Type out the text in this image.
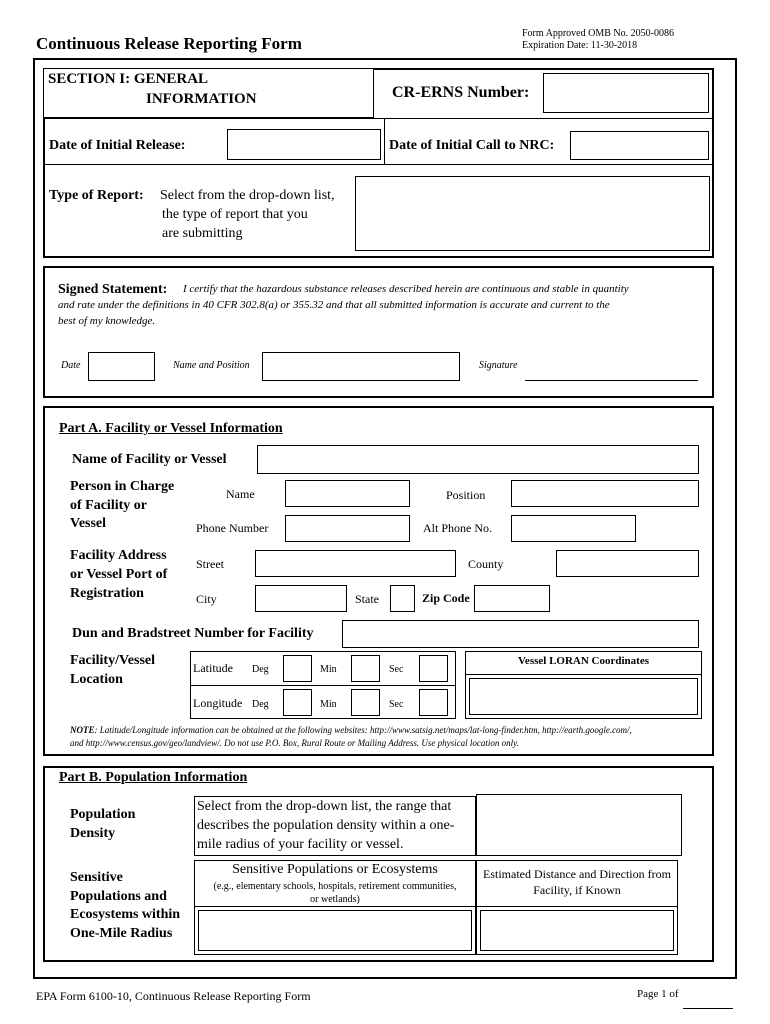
Continuous Release Reporting Form
Form Approved OMB No. 2050-0086
Expiration Date: 11-30-2018
SECTION I: GENERAL
INFORMATION	CR-ERNS Number:
Date of Initial Release:	Date of Initial Call to NRC:
Type of Report: Select from the drop-down list,
the type of report that you
are submitting
Signed Statement: I certify that the hazardous substance releases described herein are continuous and stable in quantity
and rate under the definitions in 40 CFR 302.8(a) or 355.32 and that all submitted information is accurate and current to the
best of my knowledge.
Date	Name and Position	Signature
Part A. Facility or Vessel Information
Name of Facility or Vessel
Person in Charge
of Facility or
Vessel
Name	Position
Phone Number	Alt Phone No.
Facility Address
or Vessel Port of
Registration
Street	County
City	State	Zip Code
Dun and Bradstreet Number for Facility
Facility/Vessel
Location
Latitude Deg	Min	Sec
Longitude Deg	Min	Sec
Vessel LORAN Coordinates
NOTE: Latitude/Longitude information can be obtained at the following websites: http://www.satsig.net/maps/lat-long-finder.htm, http://earth.google.com/,
and http://www.census.gov/geo/landview/. Do not use P.O. Box, Rural Route or Mailing Address. Use physical location only.
Part B. Population Information
Population
Density
Select from the drop-down list, the range that
describes the population density within a one-
mile radius of your facility or vessel.
Sensitive
Populations and
Ecosystems within
One-Mile Radius
Sensitive Populations or Ecosystems
(e.g., elementary schools, hospitals, retirement communities,
or wetlands)
Estimated Distance and Direction from
Facility, if Known
EPA Form 6100-10, Continuous Release Reporting Form	Page 1 of
